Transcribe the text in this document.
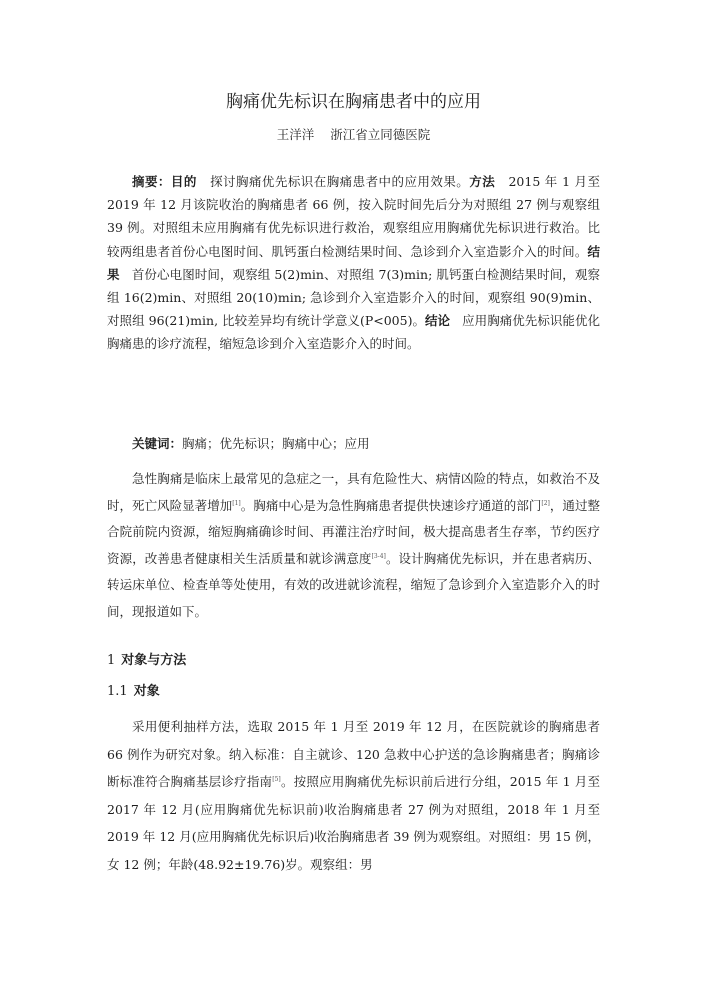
胸痛优先标识在胸痛患者中的应用
王洋洋 浙江省立同德医院
摘要：目的 探讨胸痛优先标识在胸痛患者中的应用效果。方法 2015 年 1 月至 2019 年 12 月该院收治的胸痛患者 66 例，按入院时间先后分为对照组 27 例与观察组 39 例。对照组未应用胸痛有优先标识进行救治，观察组应用胸痛优先标识进行救治。比较两组患者首份心电图时间、肌钙蛋白检测结果时间、急诊到介入室造影介入的时间。结果 首份心电图时间，观察组 5(2)min、对照组 7(3)min; 肌钙蛋白检测结果时间，观察组 16(2)min、对照组 20(10)min; 急诊到介入室造影介入的时间，观察组 90(9)min、对照组 96(21)min, 比较差异均有统计学意义(P<005)。结论 应用胸痛优先标识能优化胸痛患的诊疗流程，缩短急诊到介入室造影介入的时间。
关键词：胸痛；优先标识；胸痛中心；应用
急性胸痛是临床上最常见的急症之一，具有危险性大、病情凶险的特点，如救治不及时，死亡风险显著增加[1]。胸痛中心是为急性胸痛患者提供快速诊疗通道的部门[2]，通过整合院前院内资源，缩短胸痛确诊时间、再灌注治疗时间，极大提高患者生存率，节约医疗资源，改善患者健康相关生活质量和就诊满意度[3-4]。设计胸痛优先标识，并在患者病历、转运床单位、检查单等处使用，有效的改进就诊流程，缩短了急诊到介入室造影介入的时间，现报道如下。
1 对象与方法
1.1 对象
采用便利抽样方法，选取 2015 年 1 月至 2019 年 12 月，在医院就诊的胸痛患者 66 例作为研究对象。纳入标准：自主就诊、120 急救中心护送的急诊胸痛患者；胸痛诊断标准符合胸痛基层诊疗指南[5]。按照应用胸痛优先标识前后进行分组，2015 年 1 月至 2017 年 12 月(应用胸痛优先标识前)收治胸痛患者 27 例为对照组，2018 年 1 月至 2019 年 12 月(应用胸痛优先标识后)收治胸痛患者 39 例为观察组。对照组：男 15 例，女 12 例；年龄(48.92±19.76)岁。观察组：男
